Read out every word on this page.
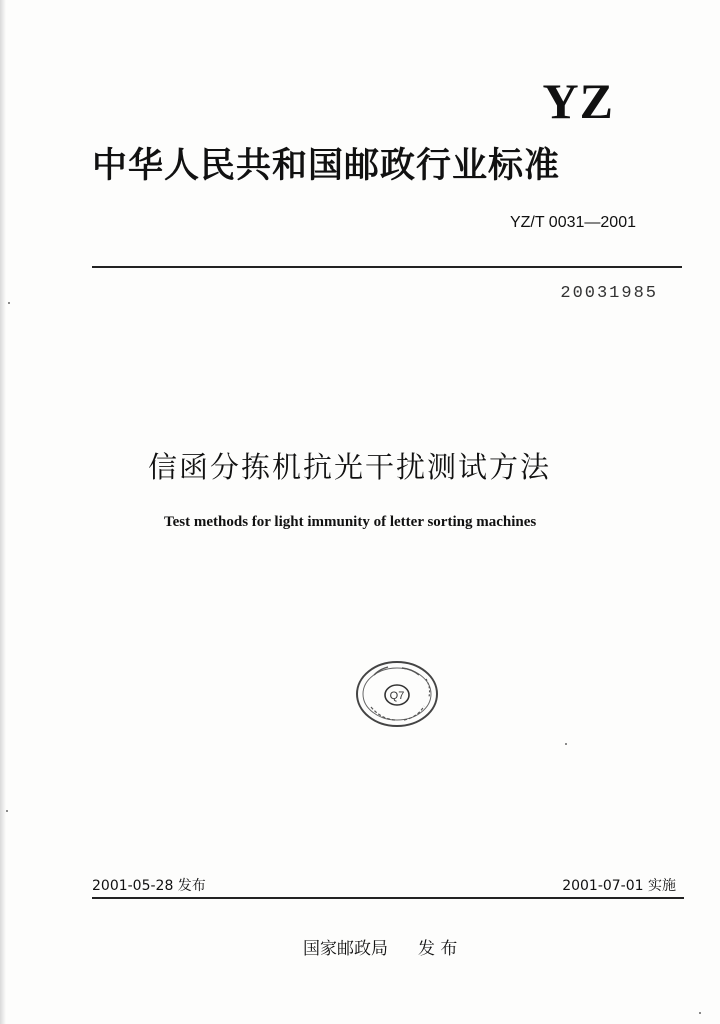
YZ
中华人民共和国邮政行业标准
YZ/T 0031—2001
20031985
信函分拣机抗光干扰测试方法
Test methods for light immunity of letter sorting machines
Q7
2001-05-28 发布	2001-07-01 实施
国家邮政局 发 布
